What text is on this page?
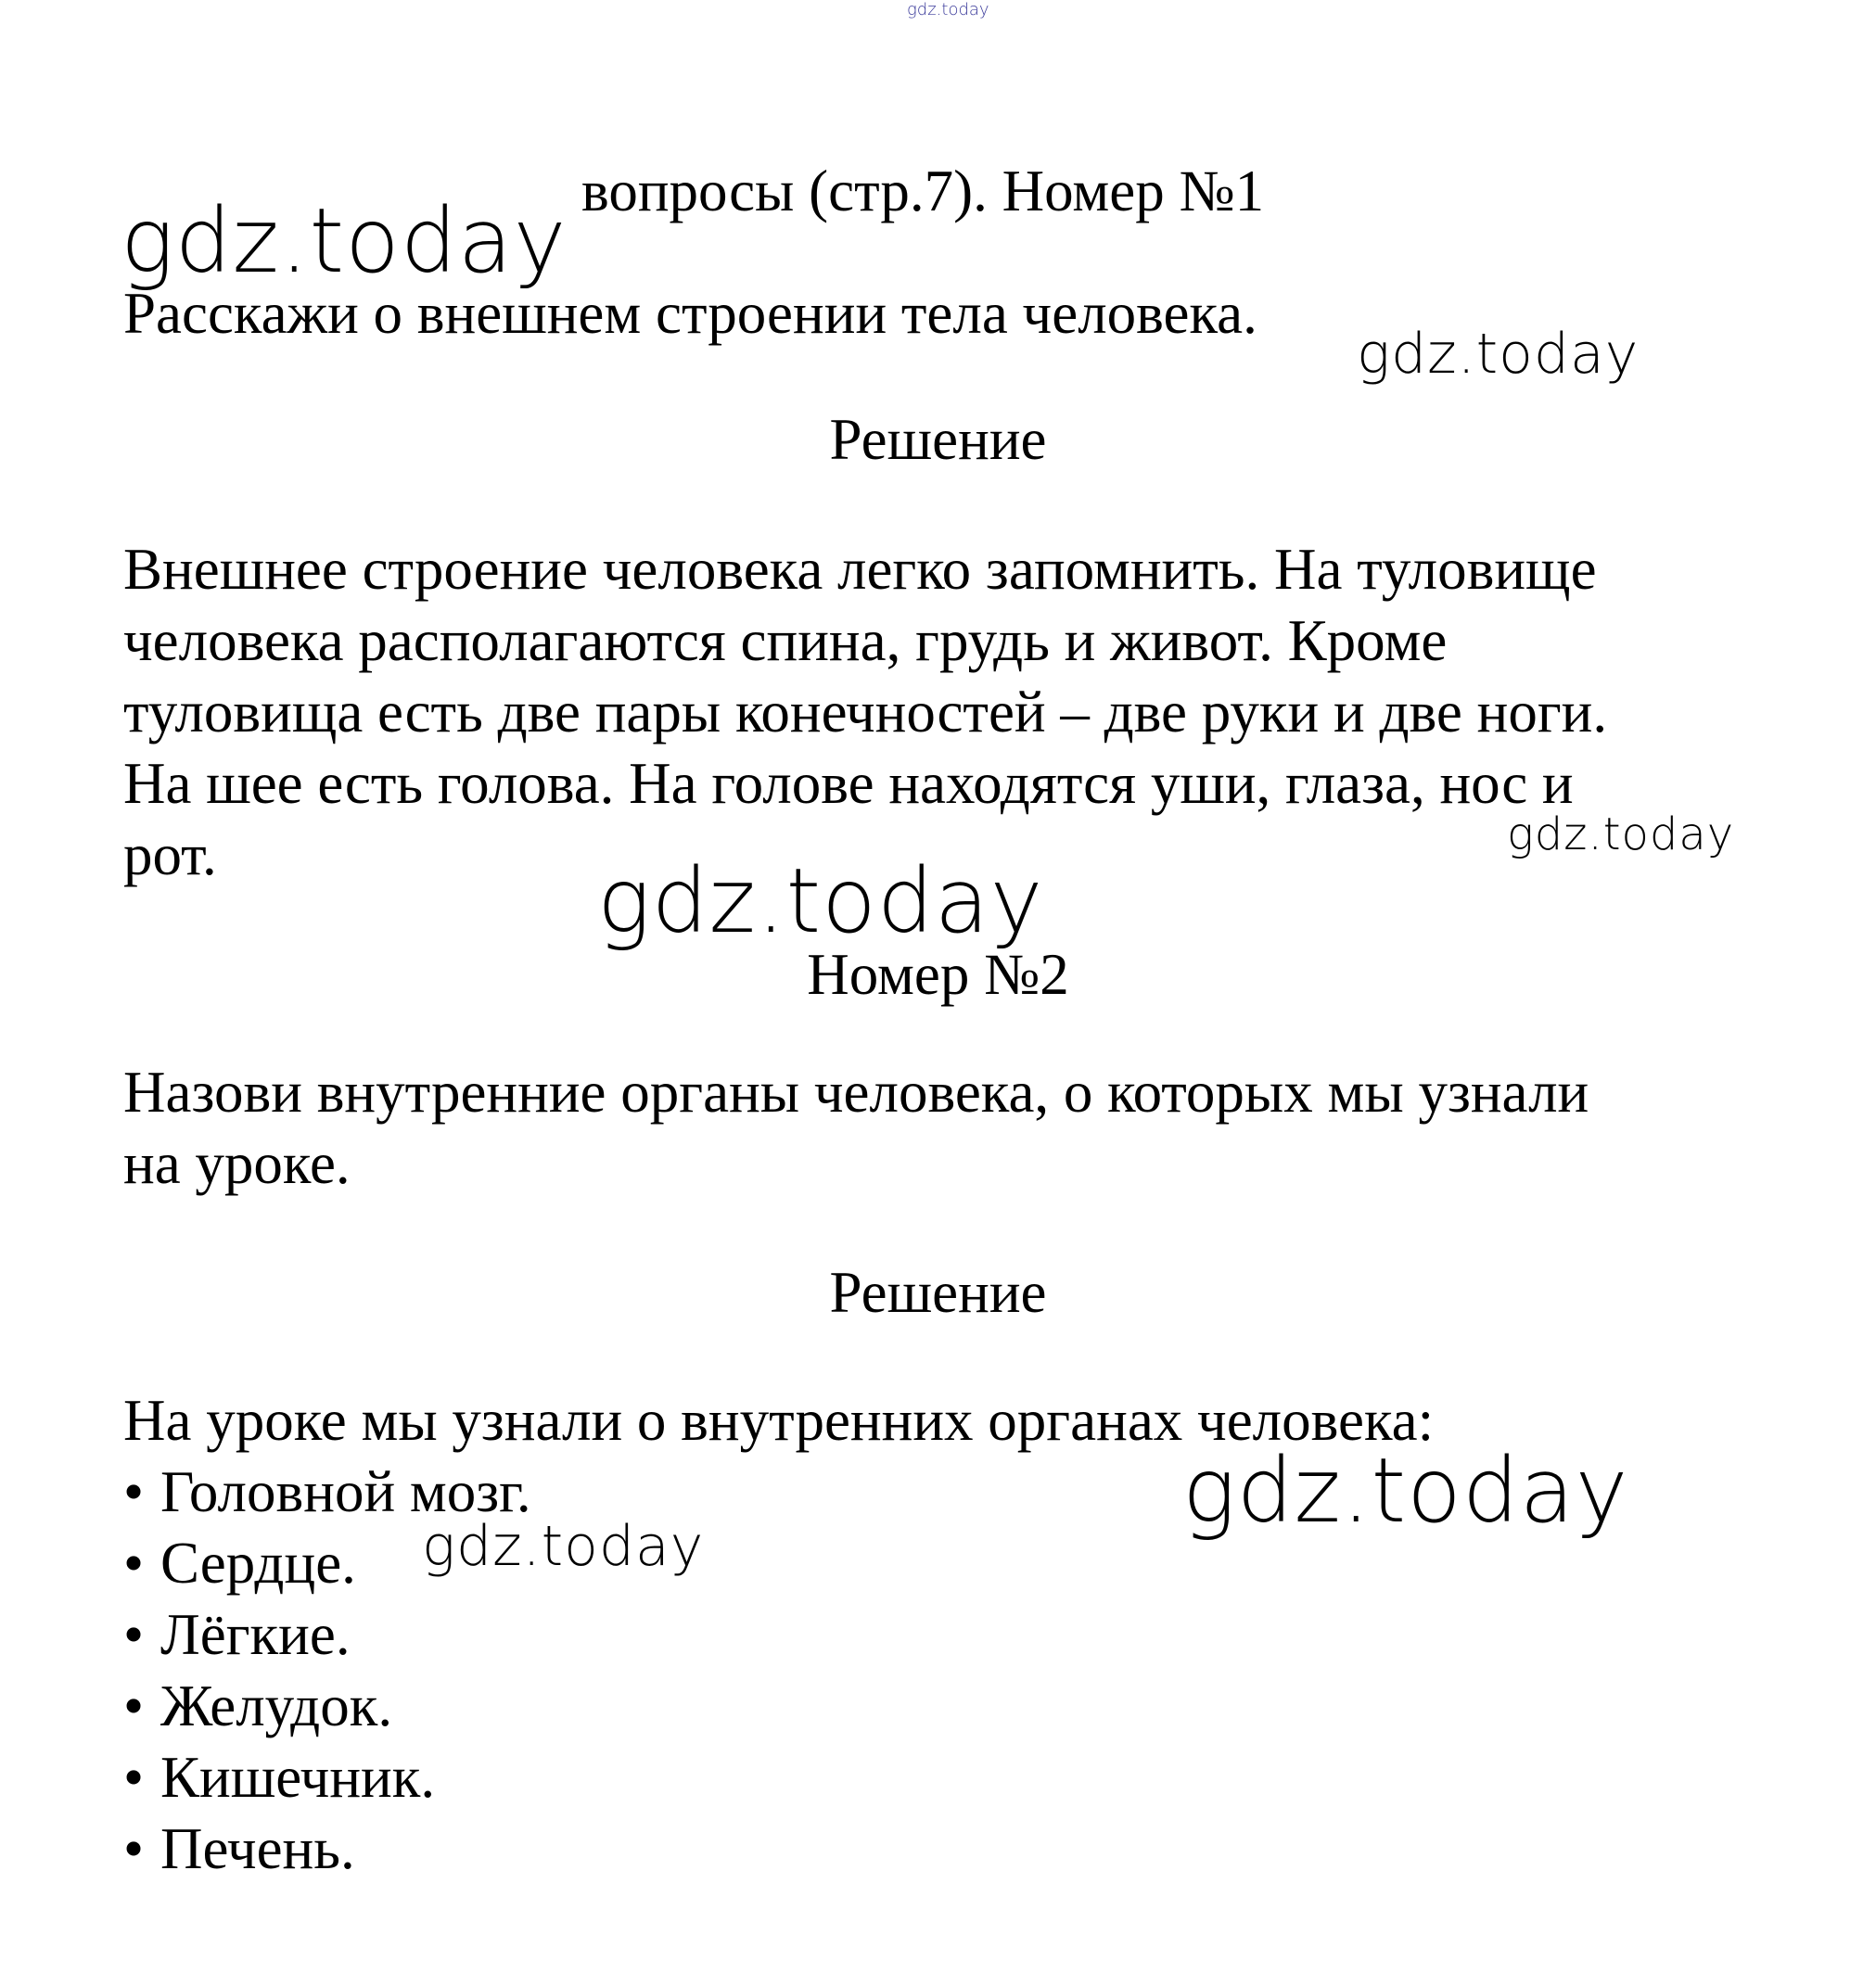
gdz.today
gdz.today
gdz.today
gdz.today
gdz.today
gdz.today
gdz.today
вопросы (стр.7). Номер №1
Расскажи о внешнем строении тела человека.
Решение
Внешнее строение человека легко запомнить. На туловище
человека располагаются спина, грудь и живот. Кроме
туловища есть две пары конечностей – две руки и две ноги.
На шее есть голова. На голове находятся уши, глаза, нос и
рот.
Номер №2
Назови внутренние органы человека, о которых мы узнали
на уроке.
Решение
На уроке мы узнали о внутренних органах человека:
• Головной мозг.
• Сердце.
• Лёгкие.
• Желудок.
• Кишечник.
• Печень.
